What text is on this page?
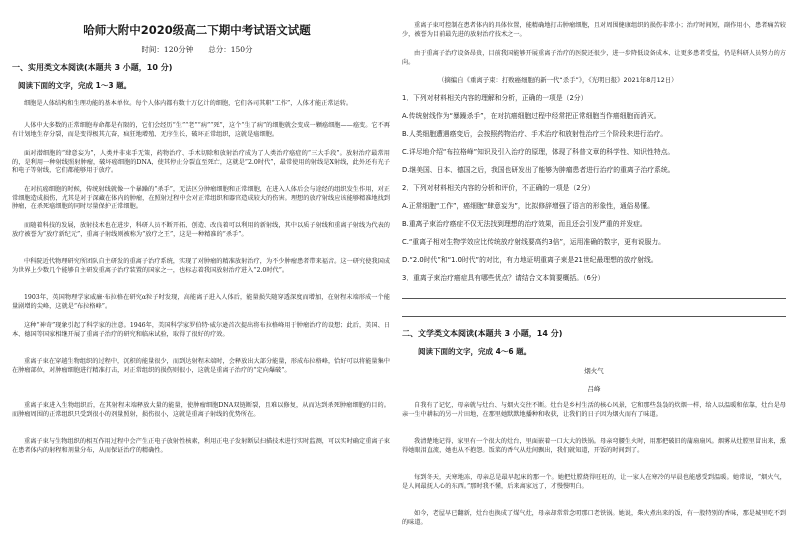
哈师大附中2020级高二下期中考试语文试题
时间：120分钟　　总分：150分
一、实用类文本阅读(本题共 3 小题，10 分)
阅读下面的文字，完成 1～3 题。
细胞是人体结构和生理功能的基本单位。每个人体内都有数十万亿计的细胞，它们各司其职“工作”，人体才能正常运转。
人体中大多数的正常细胞寿命都是有限的，它们会经历“生”“老”“病”“死”，这个“生了病”的细胞就会变成一颗癌细胞——癌变。它不再有计划地生存分裂，而是变得极其亢奋，疯狂地增殖、无序生长，破坏正常组织，这就是癌细胞。
面对潜细胞的“肆意妄为”，人类并非束手无策，药物治疗、手术切除和放射治疗成为了人类治疗癌症的“三大手段”。放射治疗最常用的，是利用一种射线照射肿瘤，破坏癌细胞的DNA，使其停止分裂直至死亡，这就是“2.0时代”，最常使用的射线是X射线，此外还有光子和电子等射线，它们都能够用于放疗。
在对抗癌细胞的时候，传统射线就像一个暴躁的“杀手”，无法区分肿瘤细胞和正常细胞，在进入人体后会与途经的组织发生作用，对正常细胞造成损伤，尤其是对于深藏在体内的肿瘤，在照射过程中会对正常组织和器官造成较大的伤害。理想的放疗射线应该能够精准地找到肿瘤，在杀死癌细胞的同时尽量保护正常细胞。
而随着科技的发展，放射技术也在进步，科研人员不断开拓、创造、改良着可以利用的新射线，其中以质子射线和重离子射线为代表的放疗被誉为“放疗新纪元”，重离子射线则被称为“放疗之王”，这是一种精准的“杀手”。
中科院近代物理研究所团队自主研发的重离子治疗系统，实现了对肿瘤的精准放射治疗，为不少肿瘤患者带来福音。这一研究使我国成为世界上少数几个能够自主研发重离子治疗装置的国家之一，也标志着我国放射治疗进入“2.0时代”。
1903年，英国物理学家威廉·布拉格在研究α粒子时发现，高能离子进入人体后，能量损失随穿透深度而增加，在射程末端形成一个能量剧增的尖峰，这就是“布拉格峰”。
这种“神奇”现象引起了科学家的注意。1946年，美国科学家罗伯特·威尔逊首次提出将布拉格峰用于肿瘤治疗的设想；此后，美国、日本、德国等国家相继开展了重离子治疗的研究和临床试验，取得了很好的疗效。
重离子束在穿越生物组织的过程中，沉积的能量很少，而到达射程末端时，会释放出大部分能量，形成布拉格峰，恰好可以将能量集中在肿瘤部位，对肿瘤细胞进行精准打击，对正常组织的损伤则很小，这就是重离子治疗的“定向爆破”。
重离子束进入生物组织后，在其射程末端释放大量的能量，使肿瘤细胞DNA双链断裂，且难以修复，从而达到杀死肿瘤细胞的目的。而肿瘤周围的正常组织只受到很小的剂量照射，损伤很小，这就是重离子射线的优势所在。
重离子束与生物组织的相互作用过程中会产生正电子放射性核素，利用正电子发射断层扫描技术进行实时监测，可以实时确定重离子束在患者体内的射程和剂量分布，从而保证治疗的精确性。
重离子束可控制在患者体内的具体位置，能精确地打击肿瘤细胞，且对周围健康组织的损伤非常小；治疗时间短，副作用小，患者痛苦较少，被誉为目前最先进的放射治疗技术之一。
由于重离子治疗设备昂贵，目前我国能够开展重离子治疗的医院还很少，进一步降低设备成本、让更多患者受益，仍是科研人员努力的方向。
（摘编自《重离子束：打败癌细胞的新一代“杀手”》，《光明日报》2021年8月12日）
1．下列对材料相关内容的理解和分析，正确的一项是（2分）
A.传统射线作为“暴躁杀手”，在对抗癌细胞过程中经常把正常细胞当作癌细胞而消灭。
B.人类细胞遭遇癌变后，会按照药物治疗、手术治疗和放射性治疗三个阶段来进行治疗。
C.详尽地介绍“布拉格峰”知识及引入治疗的原理，体现了科普文章的科学性、知识性特点。
D.继美国、日本、德国之后，我国也研发出了能够为肿瘤患者进行治疗的重离子治疗系统。
2．下列对材料相关内容的分析和评价，不正确的一项是（2分）
A.正常细胞“工作”，癌细胞“肆意妄为”，比拟修辞增强了语言的形象性，通俗易懂。
B.重离子束治疗癌症不仅无法找到理想的治疗效果，而且还会引发严重的并发症。
C.“重离子相对生物学效应比传统放疗射线要高约3倍”，运用准确的数字，更有说服力。
D.“2.0时代”和“1.0时代”的对比，有力地证明重离子束是21世纪最理想的放疗射线。
3．重离子束治疗癌症具有哪些优点？请结合文本简要概括。（6分）
二、文学类文本阅读(本题共 3 小题，14 分)
阅读下面的文字，完成 4～6 题。
烟火气
吕峰
自我有了记忆，母亲就与灶台、与烟火交往不断。灶台是乡村生活的核心风景，它和那些袅袅的炊烟一样，给人以温暖和依靠，灶台是母亲一生中耕耘的另一片田地，在那里她默默地播种和收获，让我们的日子因为烟火而有了味道。
我清楚地记得，家里有一个很大的灶台，里面嵌着一口大大的铁锅。母亲弯腰生火时，用那把破旧的蒲扇扇风。烟雾从灶膛里冒出来，熏得她眼泪直流，她也从不抱怨。饭菜的香气从灶间飘出，我们就知道，开饭的时间到了。
每到冬天，天寒地冻，母亲总是最早起床的那一个。她把灶膛烧得旺旺的，让一家人在寒冷的早晨也能感受到温暖。她常说，“烟火气，是人间最抚人心的东西。”那时我不懂，后来离家远了，才慢慢明白。
如今，老屋早已翻新，灶台也换成了煤气灶，母亲却常常念叨那口老铁锅。她说，柴火煮出来的饭，有一股特别的香味，那是城里吃不到的味道。
